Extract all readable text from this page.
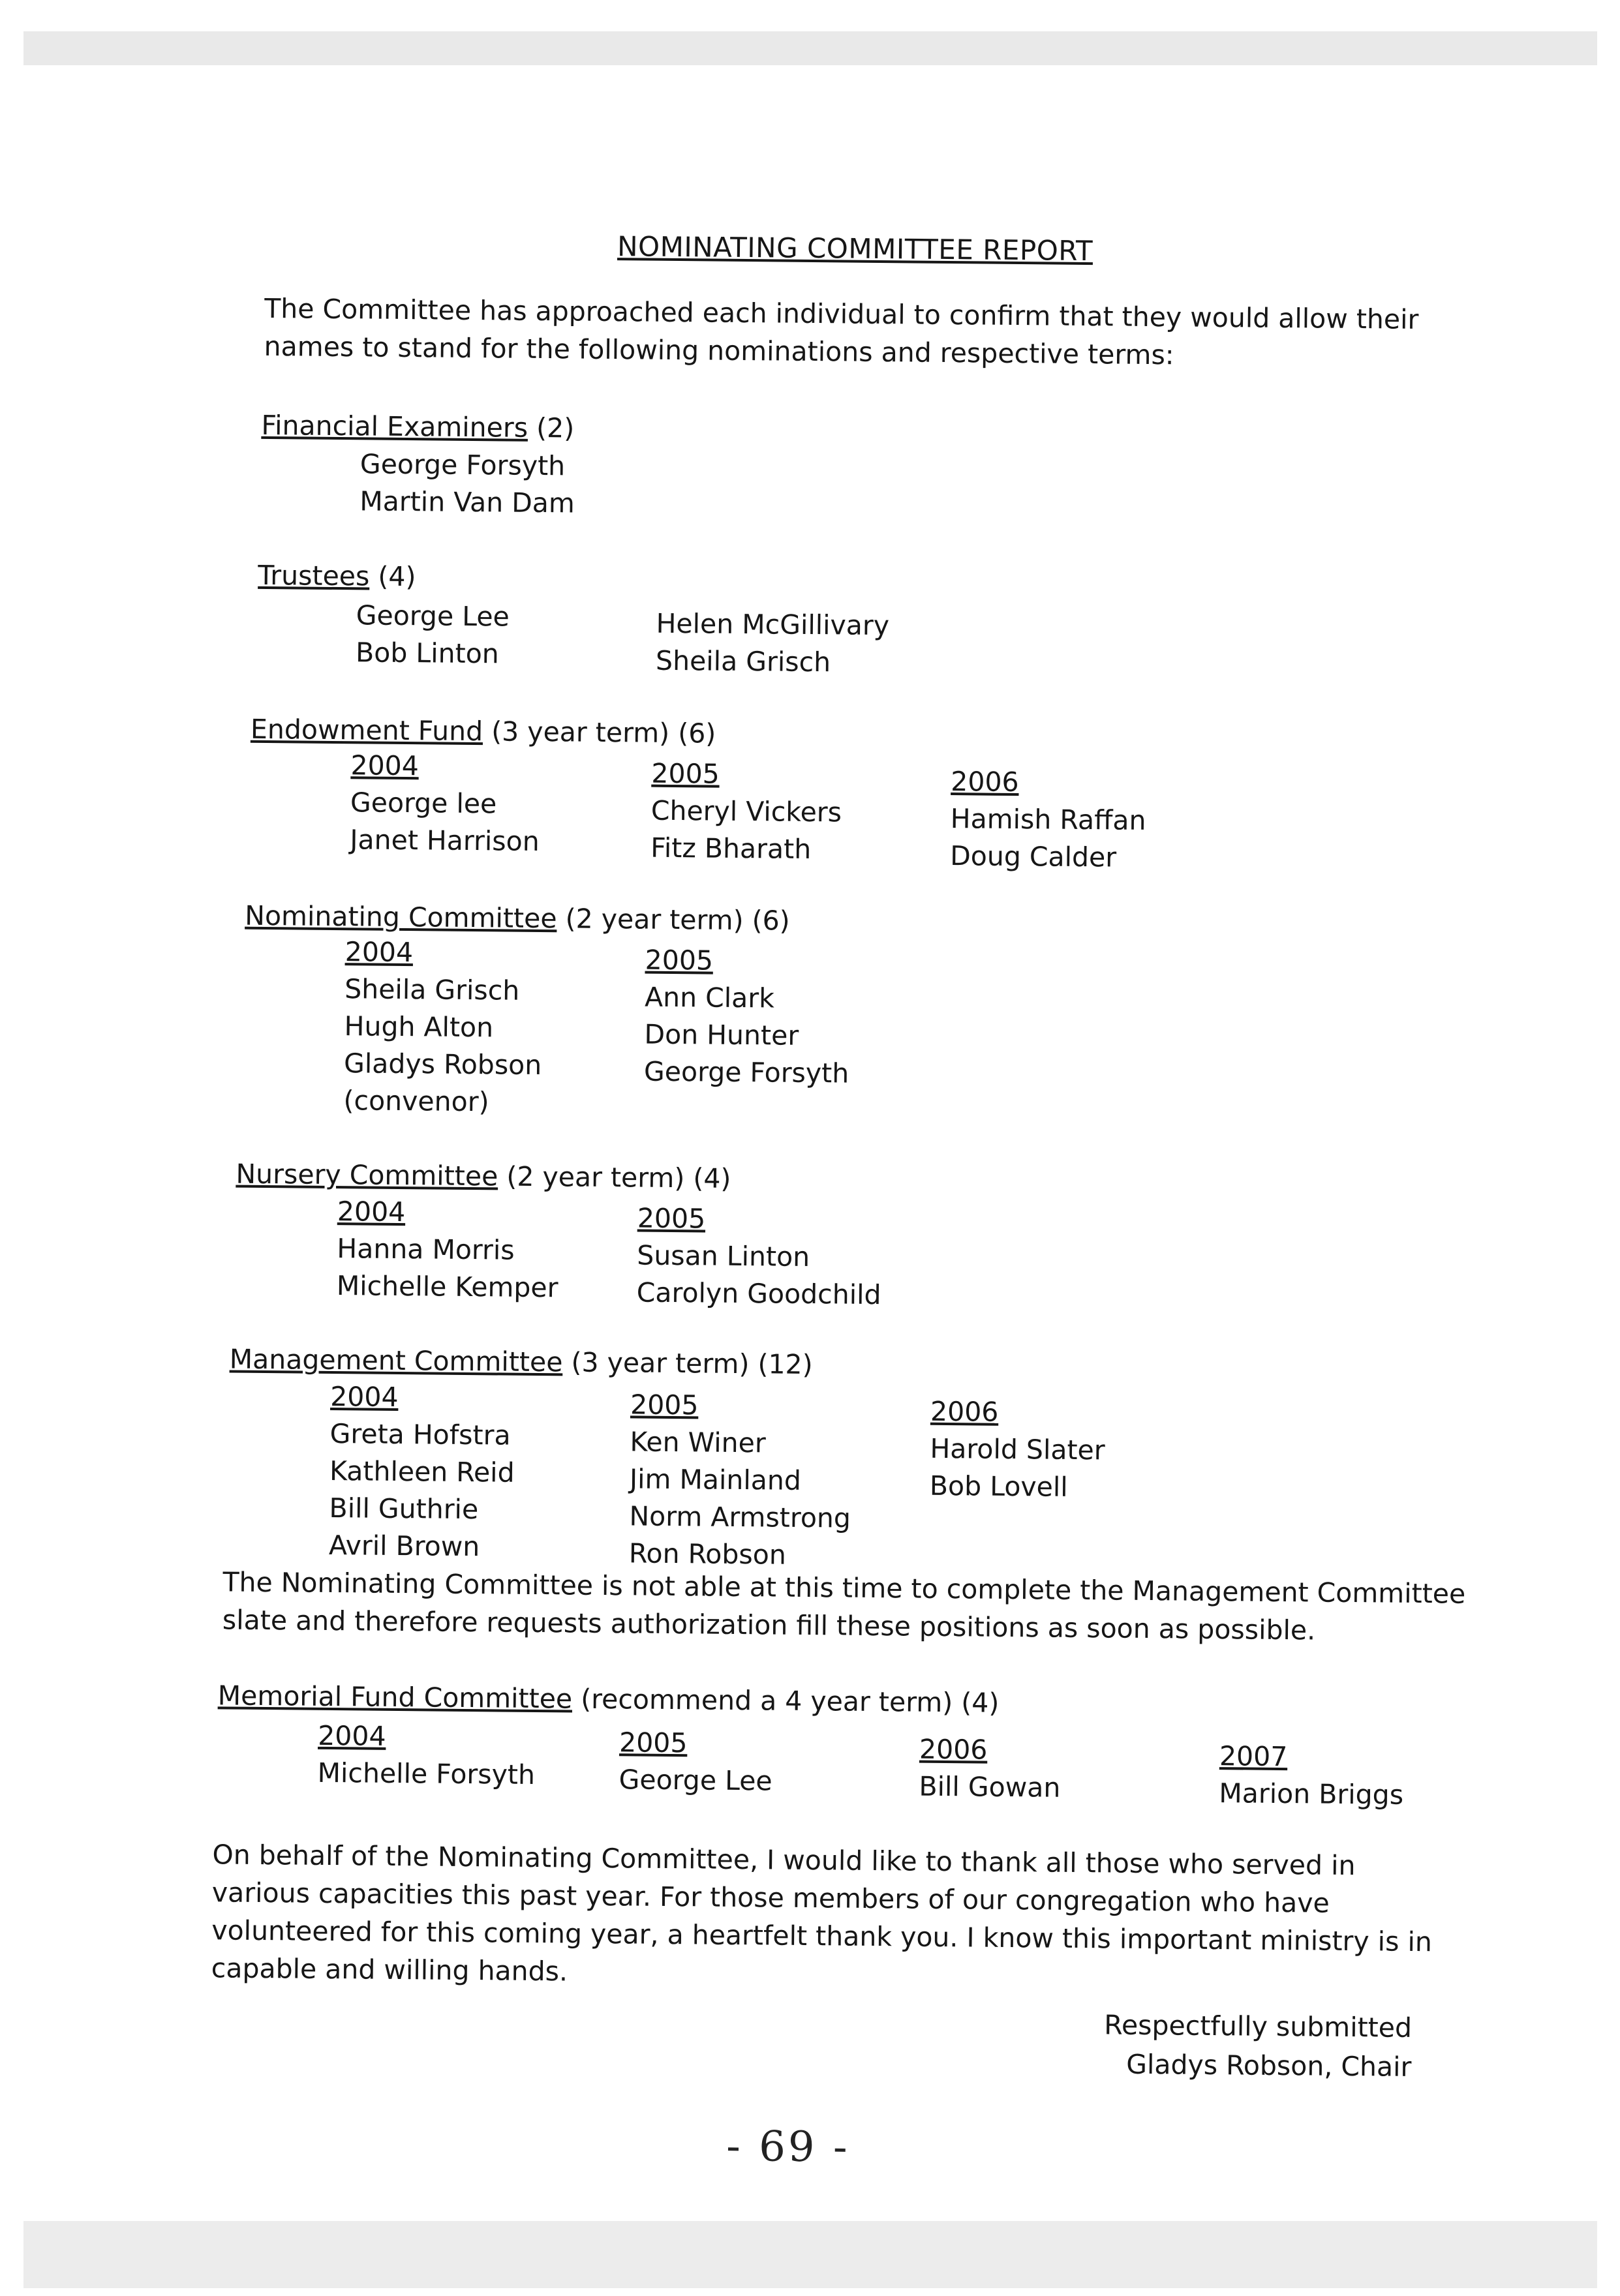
NOMINATING COMMITTEE REPORT
The Committee has approached each individual to confirm that they would allow their names to stand for the following nominations and respective terms:
Financial Examiners (2)
George Forsyth
Martin Van Dam
Trustees (4)
George Lee
Bob Linton
Helen McGillivary
Sheila Grisch
Endowment Fund (3 year term) (6)
2004
George lee
Janet Harrison
2005
Cheryl Vickers
Fitz Bharath
2006
Hamish Raffan
Doug Calder
Nominating Committee (2 year term) (6)
2004
Sheila Grisch
Hugh Alton
Gladys Robson
(convenor)
2005
Ann Clark
Don Hunter
George Forsyth
Nursery Committee (2 year term) (4)
2004
Hanna Morris
Michelle Kemper
2005
Susan Linton
Carolyn Goodchild
Management Committee (3 year term) (12)
2004
Greta Hofstra
Kathleen Reid
Bill Guthrie
Avril Brown
2005
Ken Winer
Jim Mainland
Norm Armstrong
Ron Robson
2006
Harold Slater
Bob Lovell
The Nominating Committee is not able at this time to complete the Management Committee slate and therefore requests authorization fill these positions as soon as possible.
Memorial Fund Committee (recommend a 4 year term) (4)
2004
Michelle Forsyth
2005
George Lee
2006
Bill Gowan
2007
Marion Briggs
On behalf of the Nominating Committee, I would like to thank all those who served in various capacities this past year. For those members of our congregation who have volunteered for this coming year, a heartfelt thank you. I know this important ministry is in capable and willing hands.
Respectfully submitted
Gladys Robson, Chair
- 69 -
